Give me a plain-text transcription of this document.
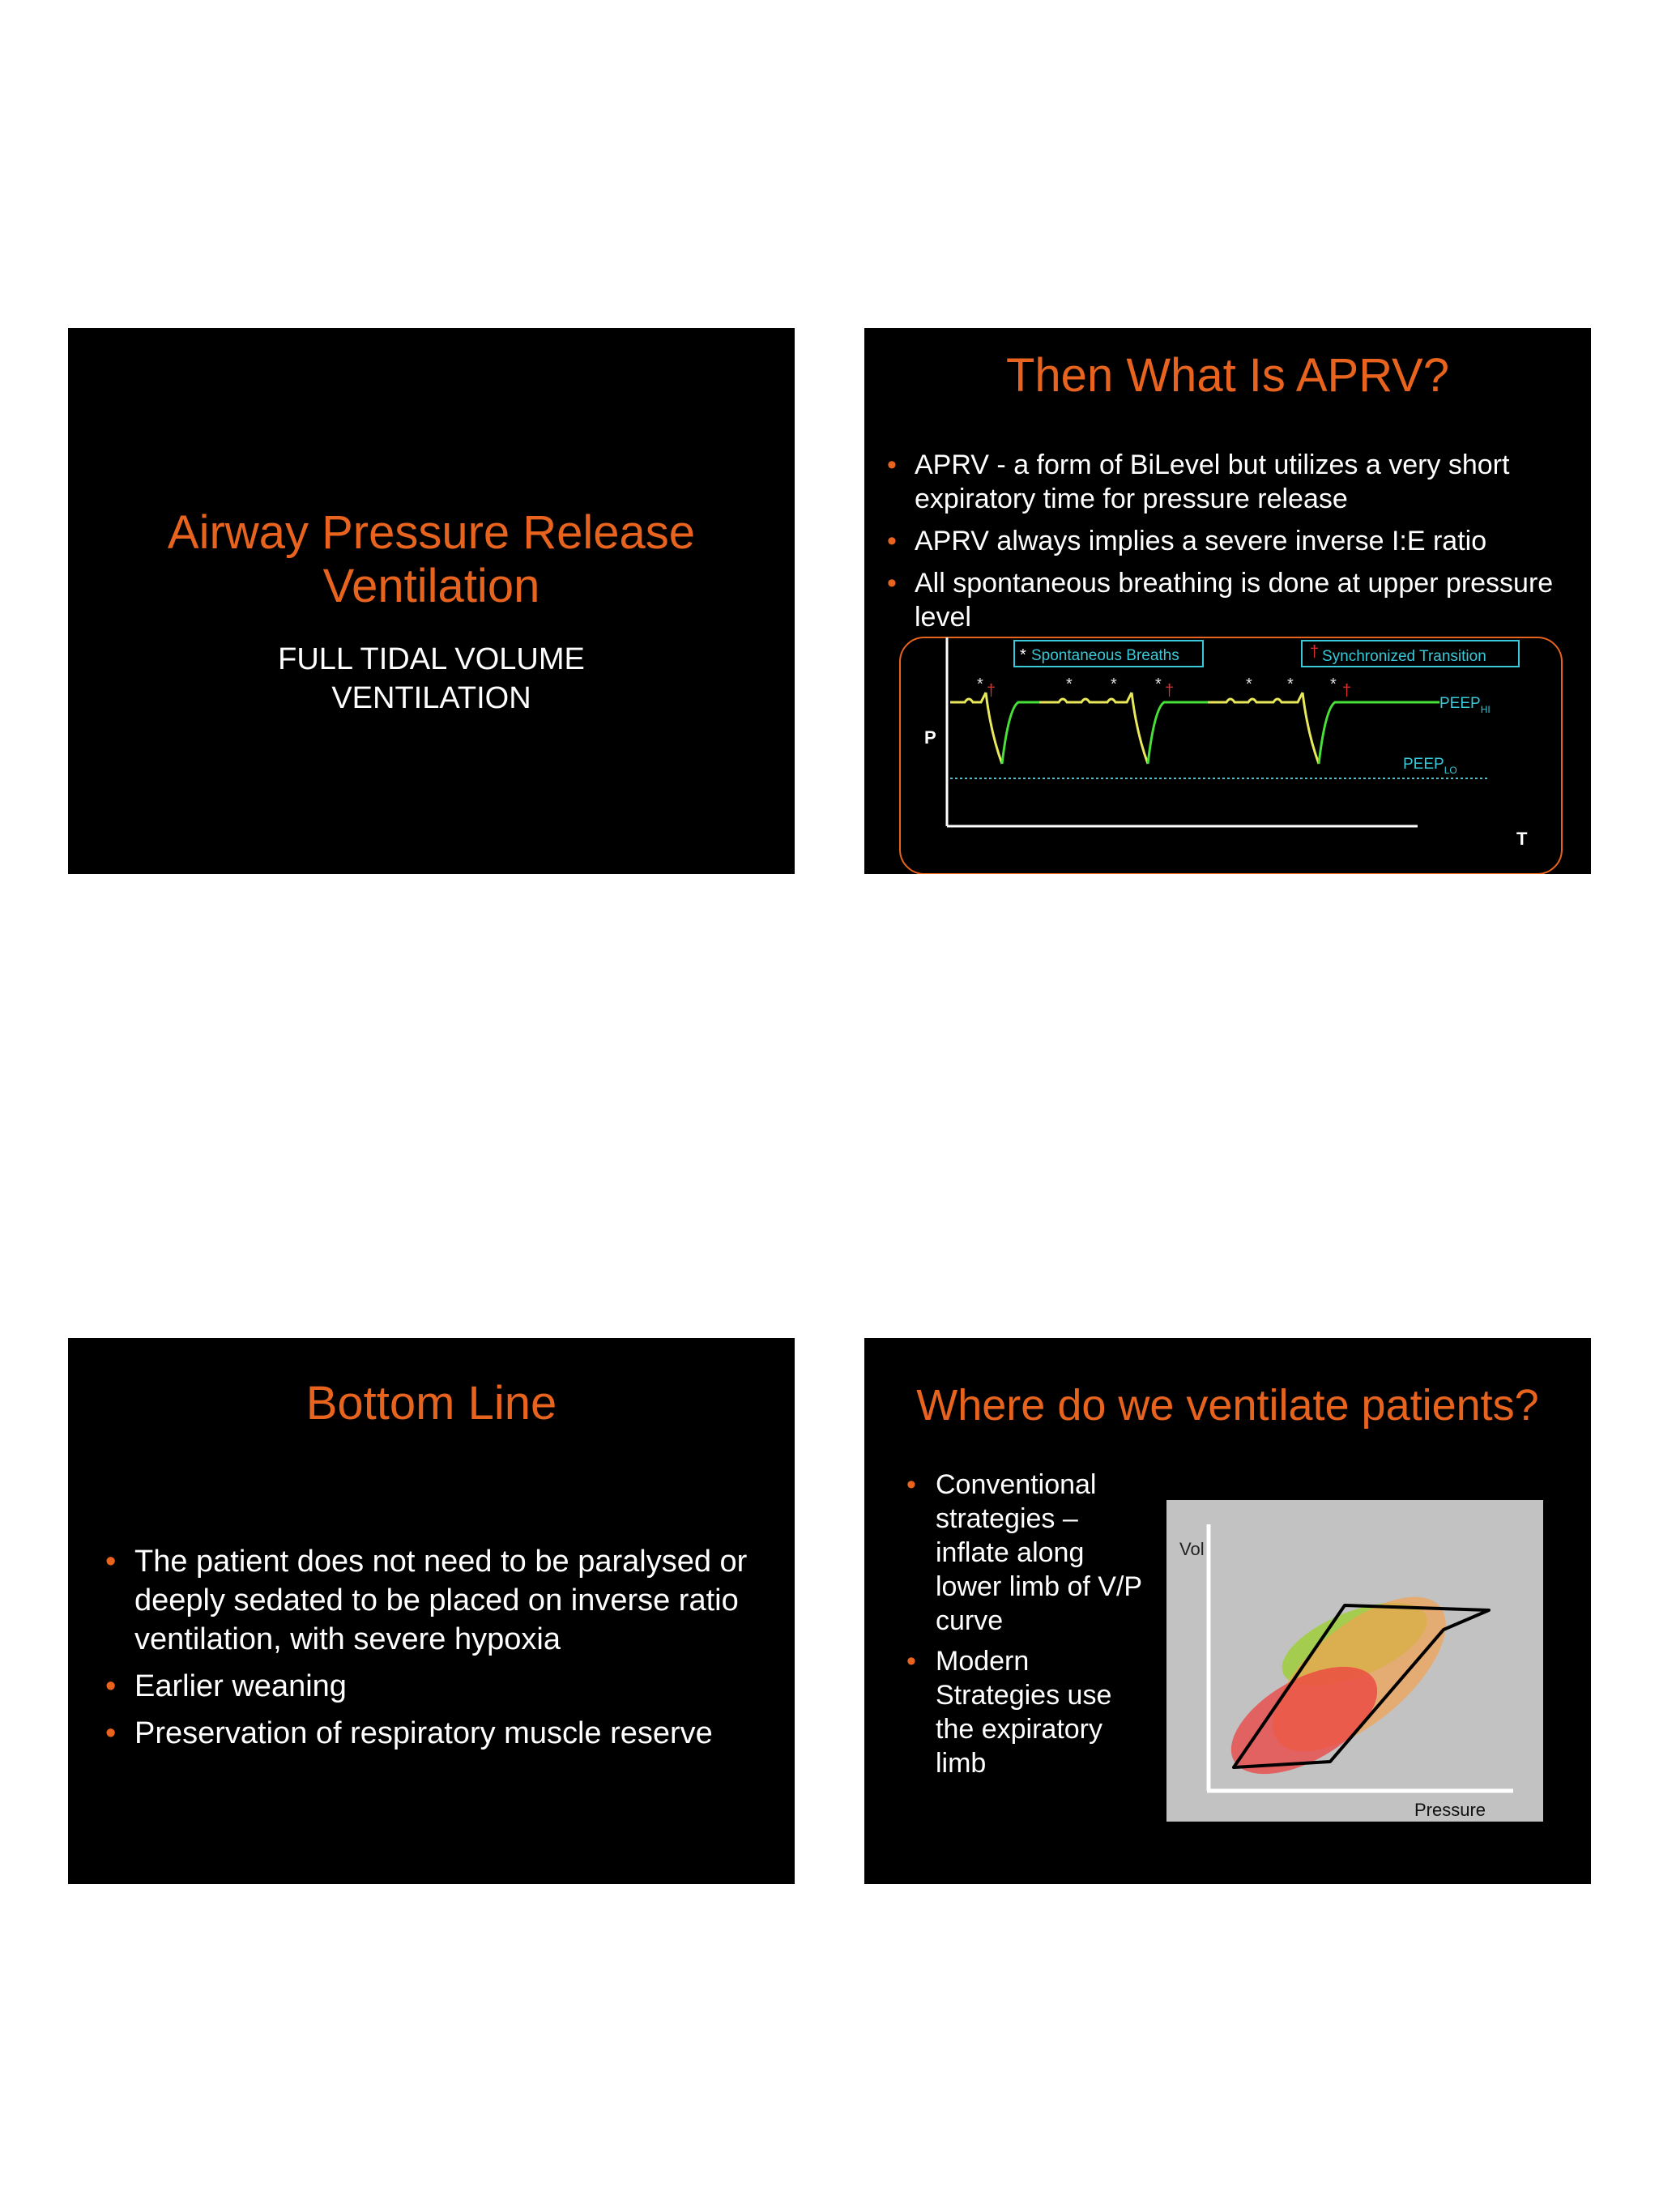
Airway Pressure Release
Ventilation
FULL TIDAL VOLUME
VENTILATION
Then What Is APRV?
• APRV - a form of BiLevel but utilizes a very short expiratory time for pressure release
• APRV always implies a severe inverse I:E ratio
• All spontaneous breathing is done at upper pressure level
* Spontaneous Breaths	† Synchronized Transition
P
T
*	* * *	* * *
†	†	†
$PEEP_{HI}$
$PEEP_{LO}$
Bottom Line
• The patient does not need to be paralysed or deeply sedated to be placed on inverse ratio ventilation, with severe hypoxia
• Earlier weaning
• Preservation of respiratory muscle reserve
Where do we ventilate patients?
• Conventional strategies – inflate along lower limb of V/P curve
• Modern Strategies use the expiratory limb
Vol
Pressure
